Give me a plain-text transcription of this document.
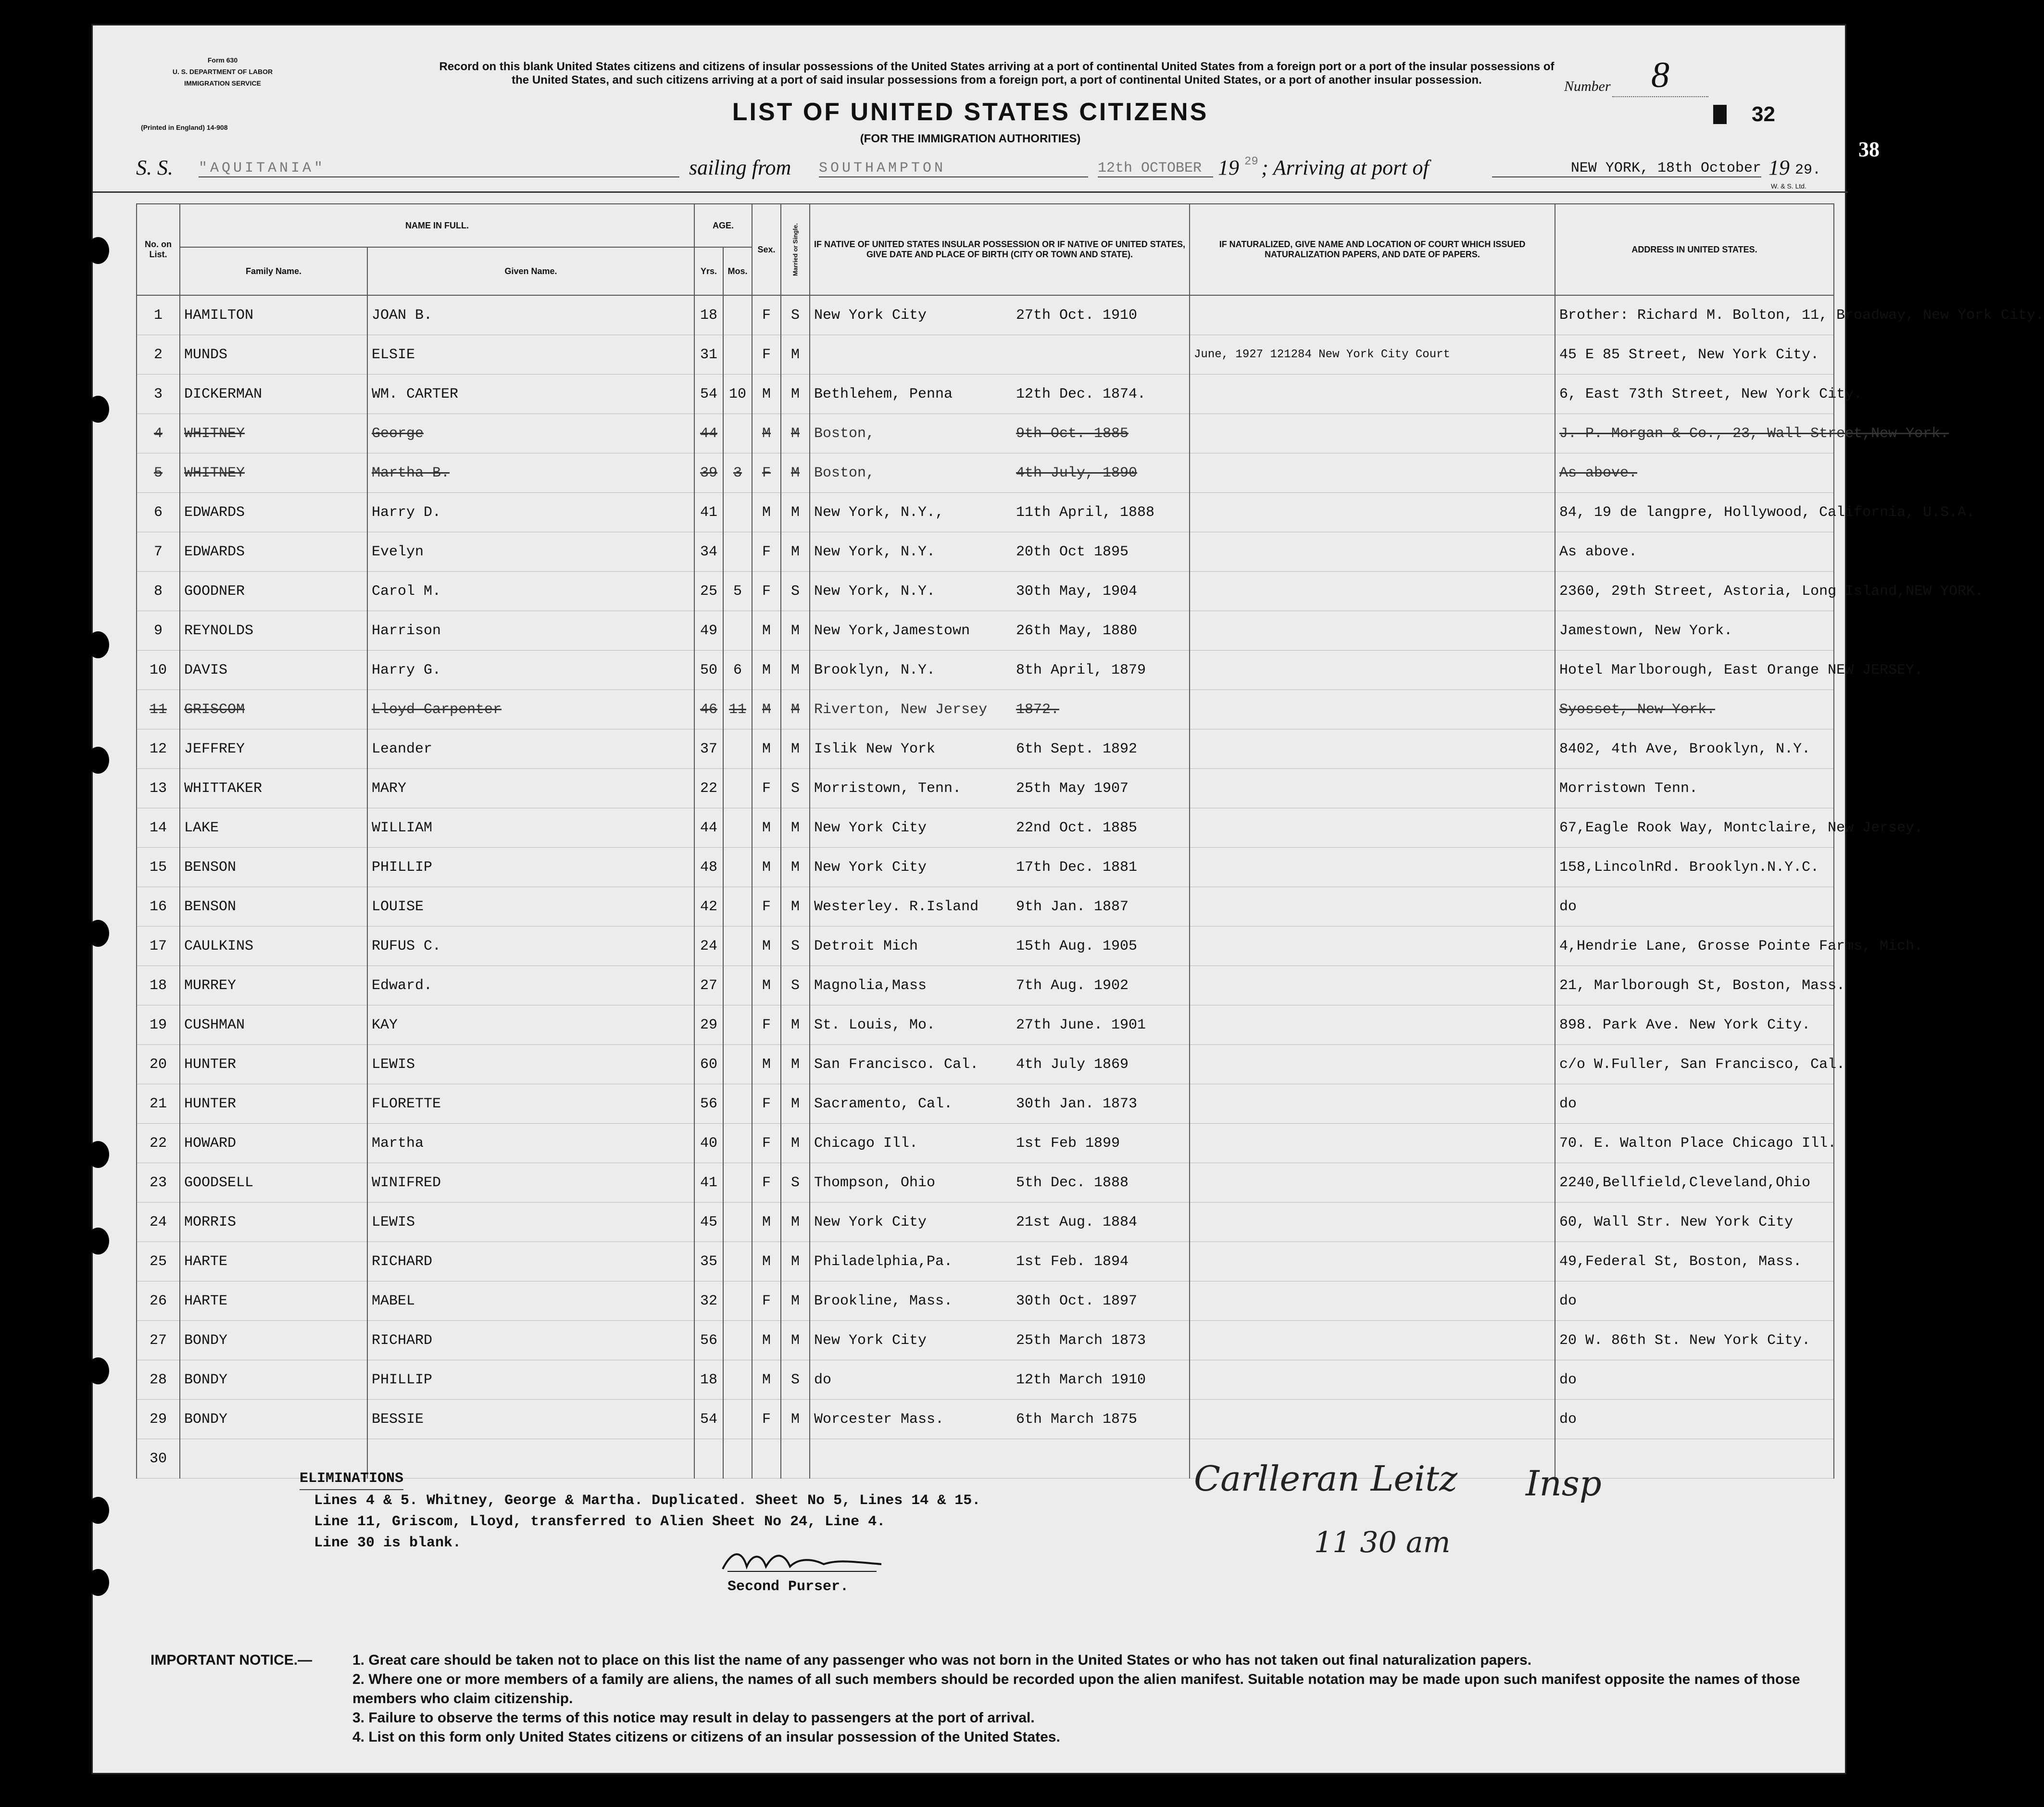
Form 630
U. S. DEPARTMENT OF LABOR
IMMIGRATION SERVICE
(Printed in England) 14-908
Record on this blank United States citizens and citizens of insular possessions of the United States arriving at a port of continental United States from a foreign port or a port of the insular possessions of the United States, and such citizens arriving at a port of said insular possessions from a foreign port, a port of continental United States, or a port of another insular possession.	Number	8
32
LIST OF UNITED STATES CITIZENS
(FOR THE IMMIGRATION AUTHORITIES)
S. S. "AQUITANIA"	sailing from SOUTHAMPTON	12th OCTOBER 19 29 ; Arriving at port of	NEW YORK, 18th October 19 29.
W. & S. Ltd.
No. on List.	NAME IN FULL.		AGE.		Sex.	Married or Single.	IF NATIVE OF UNITED STATES INSULAR POSSESSION OR IF NATIVE OF UNITED STATES, GIVE DATE AND PLACE OF BIRTH (CITY OR TOWN AND STATE).	IF NATURALIZED, GIVE NAME AND LOCATION OF COURT WHICH ISSUED NATURALIZATION PAPERS, AND DATE OF PAPERS.	ADDRESS IN UNITED STATES.
	Family Name.	Given Name.	Yrs.	Mos.					
1	HAMILTON	JOAN B.	18		F	S	New York City 27th Oct. 1910		Brother: Richard M. Bolton, 11, Broadway, New York City.
2	MUNDS	ELSIE	31		F	M		June, 1927 121284 New York City Court	45 E 85 Street, New York City.
3	DICKERMAN	WM. CARTER	54	10	M	M	Bethlehem, Penna 12th Dec. 1874.		6, East 73th Street, New York City.
4	WHITNEY	George	44		M	M	Boston, 9th Oct. 1885		J. P. Morgan & Co., 23, Wall Street,New York.
5	WHITNEY	Martha B.	39	3	F	M	Boston, 4th July, 1890		As above.
6	EDWARDS	Harry D.	41		M	M	New York, N.Y., 11th April, 1888		84, 19 de langpre, Hollywood, California, U.S.A.
7	EDWARDS	Evelyn	34		F	M	New York, N.Y. 20th Oct 1895		As above.
8	GOODNER	Carol M.	25	5	F	S	New York, N.Y. 30th May, 1904		2360, 29th Street, Astoria, Long Island,NEW YORK.
9	REYNOLDS	Harrison	49		M	M	New York,Jamestown 26th May, 1880		Jamestown, New York.
10	DAVIS	Harry G.	50	6	M	M	Brooklyn, N.Y. 8th April, 1879		Hotel Marlborough, East Orange NEW JERSEY.
11	GRISCOM	Lloyd Carpenter	46	11	M	M	Riverton, New Jersey 1872.		Syosset, New York.
12	JEFFREY	Leander	37		M	M	Islik New York 6th Sept. 1892		8402, 4th Ave, Brooklyn, N.Y.
13	WHITTAKER	MARY	22		F	S	Morristown, Tenn. 25th May 1907		Morristown Tenn.
14	LAKE	WILLIAM	44		M	M	New York City 22nd Oct. 1885		67,Eagle Rook Way, Montclaire, New Jersey.
15	BENSON	PHILLIP	48		M	M	New York City 17th Dec. 1881		158,LincolnRd. Brooklyn.N.Y.C.
16	BENSON	LOUISE	42		F	M	Westerley. R.Island 9th Jan. 1887		do
17	CAULKINS	RUFUS C.	24		M	S	Detroit Mich 15th Aug. 1905		4,Hendrie Lane, Grosse Pointe Farms, Mich.
18	MURREY	Edward.	27		M	S	Magnolia,Mass 7th Aug. 1902		21, Marlborough St, Boston, Mass.
19	CUSHMAN	KAY	29		F	M	St. Louis, Mo. 27th June. 1901		898. Park Ave. New York City.
20	HUNTER	LEWIS	60		M	M	San Francisco. Cal. 4th July 1869		c/o W.Fuller, San Francisco, Cal.
21	HUNTER	FLORETTE	56		F	M	Sacramento, Cal. 30th Jan. 1873		do
22	HOWARD	Martha	40		F	M	Chicago Ill. 1st Feb 1899		70. E. Walton Place Chicago Ill.
23	GOODSELL	WINIFRED	41		F	S	Thompson, Ohio 5th Dec. 1888		2240,Bellfield,Cleveland,Ohio
24	MORRIS	LEWIS	45		M	M	New York City 21st Aug. 1884		60, Wall Str. New York City
25	HARTE	RICHARD	35		M	M	Philadelphia,Pa. 1st Feb. 1894		49,Federal St, Boston, Mass.
26	HARTE	MABEL	32		F	M	Brookline, Mass. 30th Oct. 1897		do
27	BONDY	RICHARD	56		M	M	New York City 25th March 1873		20 W. 86th St. New York City.
28	BONDY	PHILLIP	18		M	S	do 12th March 1910		do
29	BONDY	BESSIE	54		F	M	Worcester Mass. 6th March 1875		do
30									
ELIMINATIONS
Lines 4 & 5. Whitney, George & Martha. Duplicated. Sheet No 5, Lines 14 & 15.
Line 11, Griscom, Lloyd, transferred to Alien Sheet No 24, Line 4.
Line 30 is blank.
Second Purser.
Carlleran Leitz Insp
11 30 am
IMPORTANT NOTICE.—	1. Great care should be taken not to place on this list the name of any passenger who was not born in the United States or who has not taken out final naturalization papers.
2. Where one or more members of a family are aliens, the names of all such members should be recorded upon the alien manifest. Suitable notation may be made upon such manifest opposite the names of those members who claim citizenship.
3. Failure to observe the terms of this notice may result in delay to passengers at the port of arrival.
4. List on this form only United States citizens or citizens of an insular possession of the United States.
38
